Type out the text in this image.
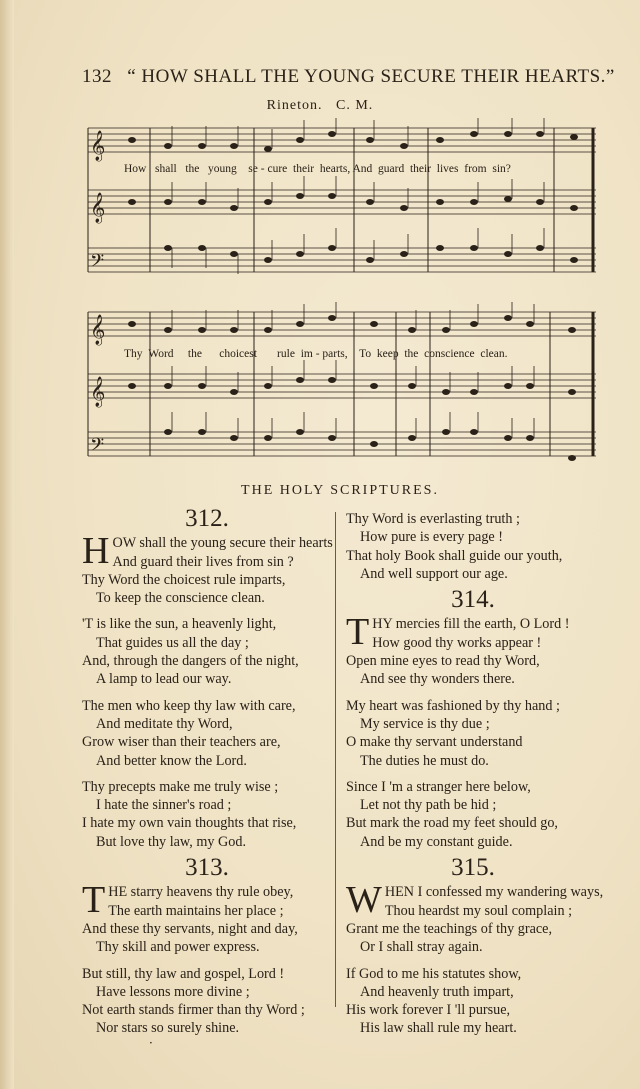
132 “ HOW SHALL THE YOUNG SECURE THEIR HEARTS.”
Rineton. C. M.
𝄞
𝄞
𝄢
How shall the young se - cure their hearts, And guard their lives from sin?
𝄞
𝄞
𝄢
Thy Word the choicest rule im - parts, To keep the conscience clean.
THE HOLY SCRIPTURES.
312.
H OW shall the young secure their hearts
And guard their lives from sin ?
Thy Word the choicest rule imparts,
To keep the conscience clean.
'T is like the sun, a heavenly light,
That guides us all the day ;
And, through the dangers of the night,
A lamp to lead our way.
The men who keep thy law with care,
And meditate thy Word,
Grow wiser than their teachers are,
And better know the Lord.
Thy precepts make me truly wise ;
I hate the sinner's road ;
I hate my own vain thoughts that rise,
But love thy law, my God.
313.
T HE starry heavens thy rule obey,
The earth maintains her place ;
And these thy servants, night and day,
Thy skill and power express.
But still, thy law and gospel, Lord !
Have lessons more divine ;
Not earth stands firmer than thy Word ;
Nor stars so surely shine.
Thy Word is everlasting truth ;
How pure is every page !
That holy Book shall guide our youth,
And well support our age.
314.
T HY mercies fill the earth, O Lord !
How good thy works appear !
Open mine eyes to read thy Word,
And see thy wonders there.
My heart was fashioned by thy hand ;
My service is thy due ;
O make thy servant understand
The duties he must do.
Since I 'm a stranger here below,
Let not thy path be hid ;
But mark the road my feet should go,
And be my constant guide.
315.
W HEN I confessed my wandering ways,
Thou heardst my soul complain ;
Grant me the teachings of thy grace,
Or I shall stray again.
If God to me his statutes show,
And heavenly truth impart,
His work forever I 'll pursue,
His law shall rule my heart.
·
